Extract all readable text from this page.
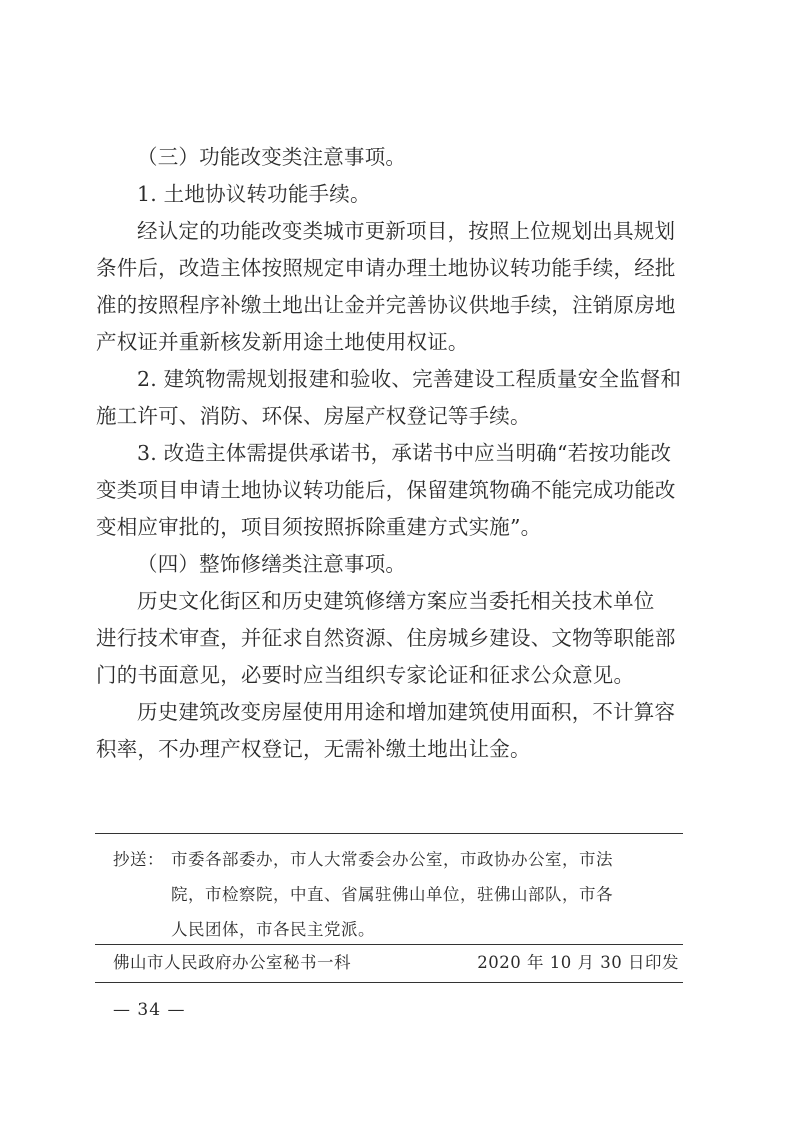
（三）功能改变类注意事项。
1. 土地协议转功能手续。
经认定的功能改变类城市更新项目，按照上位规划出具规划
条件后，改造主体按照规定申请办理土地协议转功能手续，经批
准的按照程序补缴土地出让金并完善协议供地手续，注销原房地
产权证并重新核发新用途土地使用权证。
2. 建筑物需规划报建和验收、完善建设工程质量安全监督和
施工许可、消防、环保、房屋产权登记等手续。
3. 改造主体需提供承诺书，承诺书中应当明确“若按功能改
变类项目申请土地协议转功能后，保留建筑物确不能完成功能改
变相应审批的，项目须按照拆除重建方式实施”。
（四）整饰修缮类注意事项。
历史文化街区和历史建筑修缮方案应当委托相关技术单位
进行技术审查，并征求自然资源、住房城乡建设、文物等职能部
门的书面意见，必要时应当组织专家论证和征求公众意见。
历史建筑改变房屋使用用途和增加建筑使用面积，不计算容
积率，不办理产权登记，无需补缴土地出让金。
抄送： 市委各部委办，市人大常委会办公室，市政协办公室，市法
院，市检察院，中直、省属驻佛山单位，驻佛山部队，市各
人民团体，市各民主党派。
佛山市人民政府办公室秘书一科	2020 年 10 月 30 日印发
— 34 —
